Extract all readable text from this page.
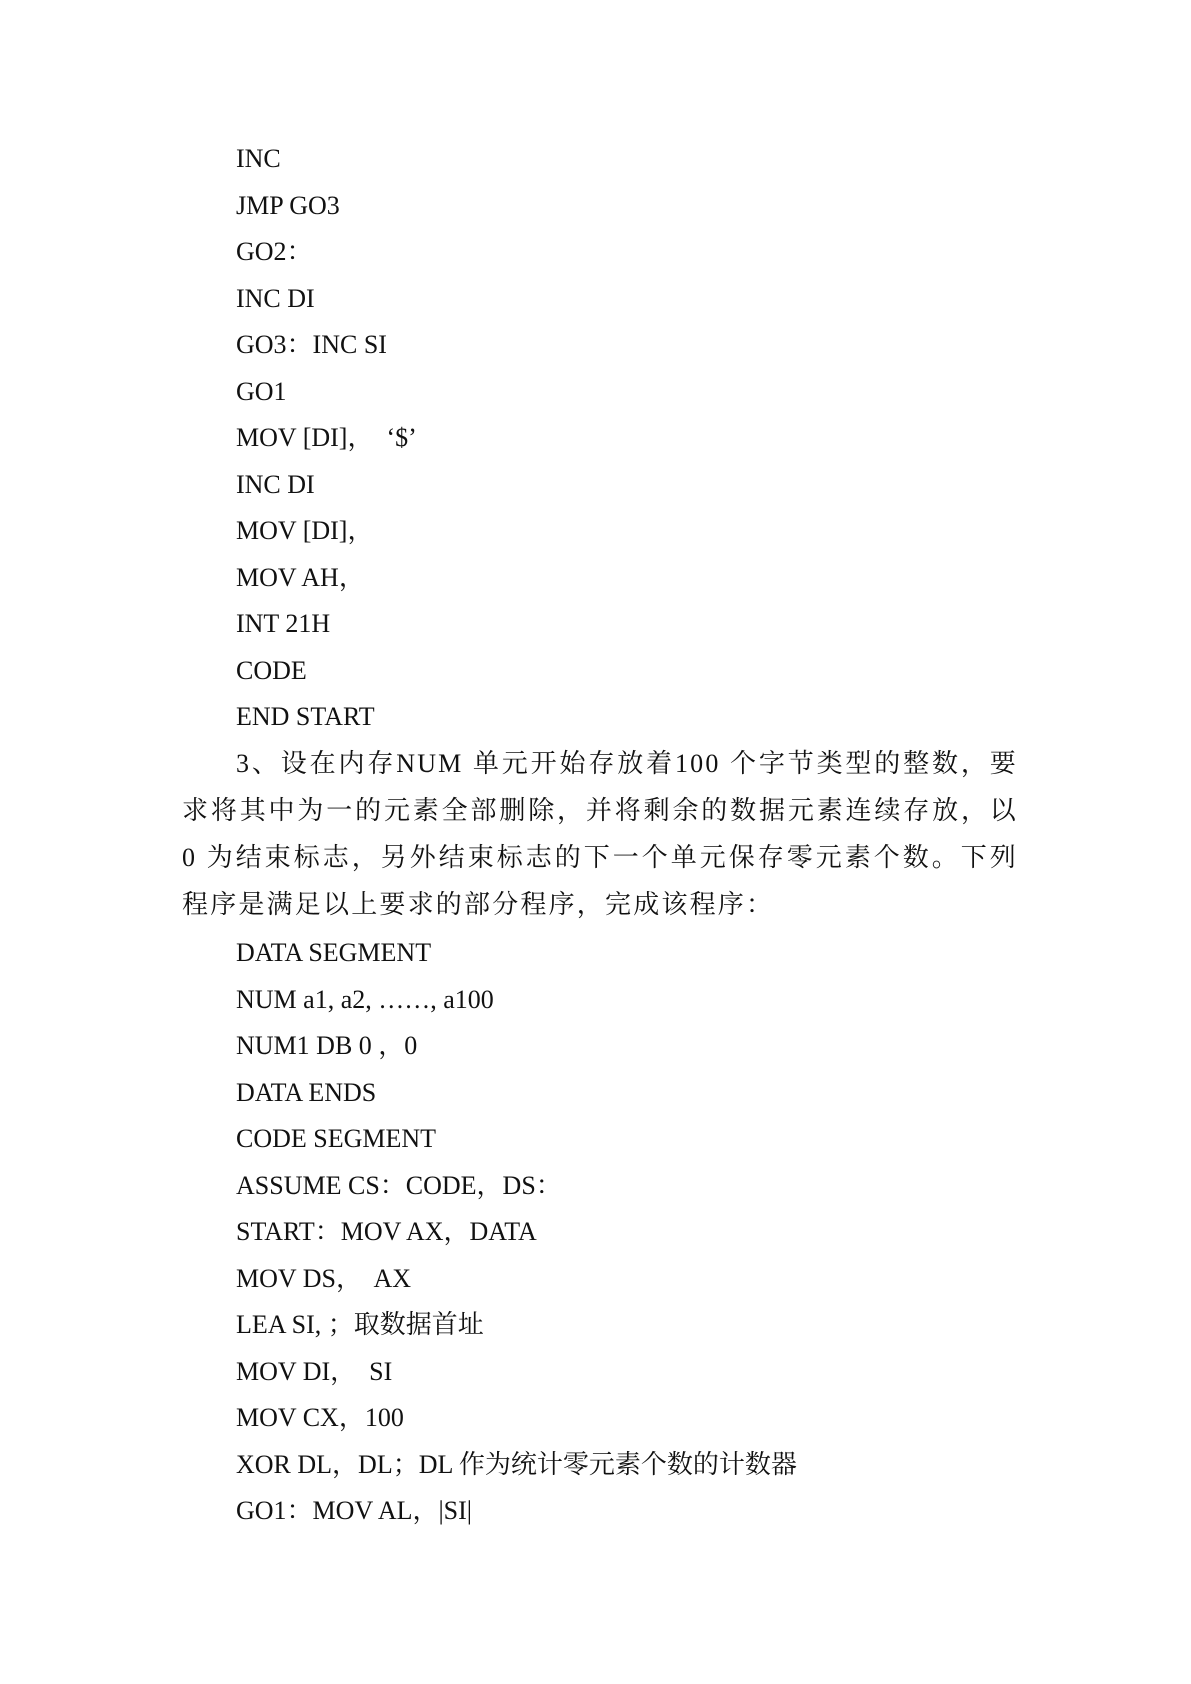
INC
JMP GO3
GO2：
INC DI
GO3：INC SI
GO1
MOV [DI]，  ‘$’
INC DI
MOV [DI]，
MOV AH，
INT 21H
CODE
END START

3、设在内存NUM 单元开始存放着100 个字节类型的整数，要求将其中为一的元素全部删除，并将剩余的数据元素连续存放，以 0 为结束标志，另外结束标志的下一个单元保存零元素个数。下列程序是满足以上要求的部分程序，完成该程序：

DATA SEGMENT
NUM a1, a2, ……, a100
NUM1 DB 0 ，0
DATA ENDS
CODE SEGMENT
ASSUME CS：CODE，DS：
START：MOV AX，DATA
MOV DS，  AX
LEA SI, ；取数据首址
MOV DI，  SI
MOV CX，100
XOR DL，DL；DL 作为统计零元素个数的计数器
GO1：MOV AL，|SI|
